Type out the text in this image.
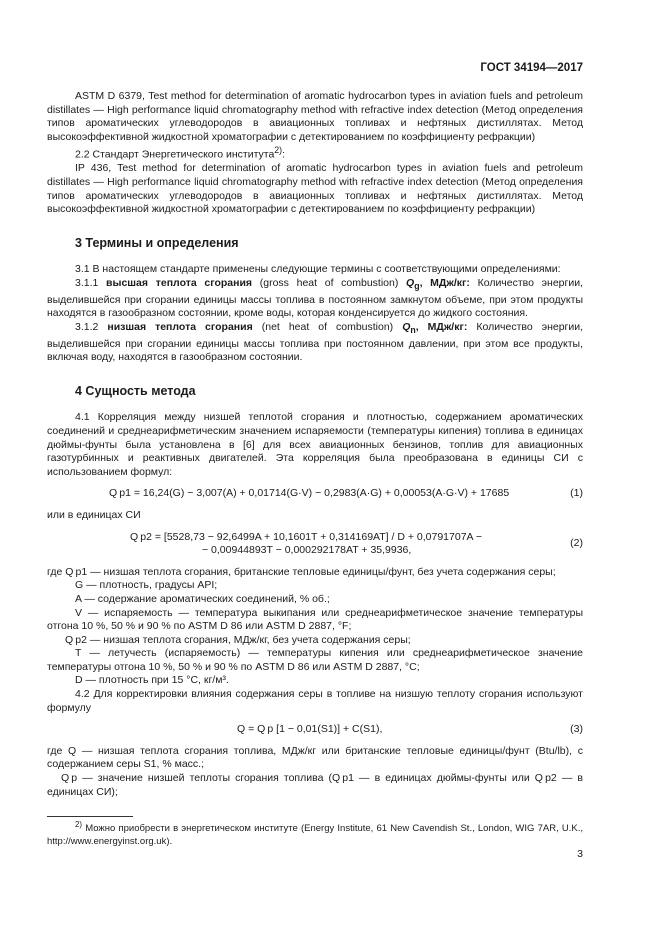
ГОСТ 34194—2017

ASTM D 6379, Test method for determination of aromatic hydrocarbon types in aviation fuels and petroleum distillates — High performance liquid chromatography method with refractive index detection (Метод определения типов ароматических углеводородов в авиационных топливах и нефтяных дистиллятах. Метод высокоэффективной жидкостной хроматографии с детектированием по коэффициенту рефракции)

2.2 Стандарт Энергетического института$^{2)}$:

IP 436, Test method for determination of aromatic hydrocarbon types in aviation fuels and petroleum distillates — High performance liquid chromatography method with refractive index detection (Метод определения типов ароматических углеводородов в авиационных топливах и нефтяных дистиллятах. Метод высокоэффективной жидкостной хроматографии с детектированием по коэффициенту рефракции)

3 Термины и определения

3.1 В настоящем стандарте применены следующие термины с соответствующими определениями:

3.1.1 высшая теплота сгорания (gross heat of combustion) $Q_g$, МДж/кг: Количество энергии, выделившейся при сгорании единицы массы топлива в постоянном замкнутом объеме, при этом продукты находятся в газообразном состоянии, кроме воды, которая конденсируется до жидкого состояния.

3.1.2 низшая теплота сгорания (net heat of combustion) $Q_n$, МДж/кг: Количество энергии, выделившейся при сгорании единицы массы топлива при постоянном давлении, при этом все продукты, включая воду, находятся в газообразном состоянии.

4 Сущность метода

4.1 Корреляция между низшей теплотой сгорания и плотностью, содержанием ароматических соединений и среднеарифметическим значением испаряемости (температуры кипения) топлива в единицах дюймы-фунты была установлена в [6] для всех авиационных бензинов, топлив для авиационных газотурбинных и реактивных двигателей. Эта корреляция была преобразована в единицы СИ с использованием формул:

Q p1 = 16,24(G) − 3,007(A) + 0,01714(G·V) − 0,2983(A·G) + 0,00053(A·G·V) + 17685	(1)

или в единицах СИ

Q p2 = [5528,73 − 92,6499A + 10,1601T + 0,314169AT] / D + 0,0791707A −
− 0,00944893T − 0,000292178AT + 35,9936,
(2)

где Q p1 — низшая теплота сгорания, британские тепловые единицы/фунт, без учета содержания серы;

G — плотность, градусы API;

A — содержание ароматических соединений, % об.;

V — испаряемость — температура выкипания или среднеарифметическое значение температуры отгона 10 %, 50 % и 90 % по ASTM D 86 или ASTM D 2887, °F;

Q p2 — низшая теплота сгорания, МДж/кг, без учета содержания серы;

T — летучесть (испаряемость) — температуры кипения или среднеарифметическое значение температуры отгона 10 %, 50 % и 90 % по ASTM D 86 или ASTM D 2887, °C;

D — плотность при 15 °C, кг/м³.

4.2 Для корректировки влияния содержания серы в топливе на низшую теплоту сгорания используют формулу

Q = Q p [1 − 0,01(S1)] + C(S1),	(3)

где Q — низшая теплота сгорания топлива, МДж/кг или британские тепловые единицы/фунт (Btu/lb), с содержанием серы S1, % масс.;

Q p — значение низшей теплоты сгорания топлива (Q p1 — в единицах дюймы-фунты или Q p2 — в единицах СИ);

$^{2)}$ Можно приобрести в энергетическом институте (Energy Institute, 61 New Cavendish St., London, WIG 7AR, U.K., http://www.energyinst.org.uk).

3
